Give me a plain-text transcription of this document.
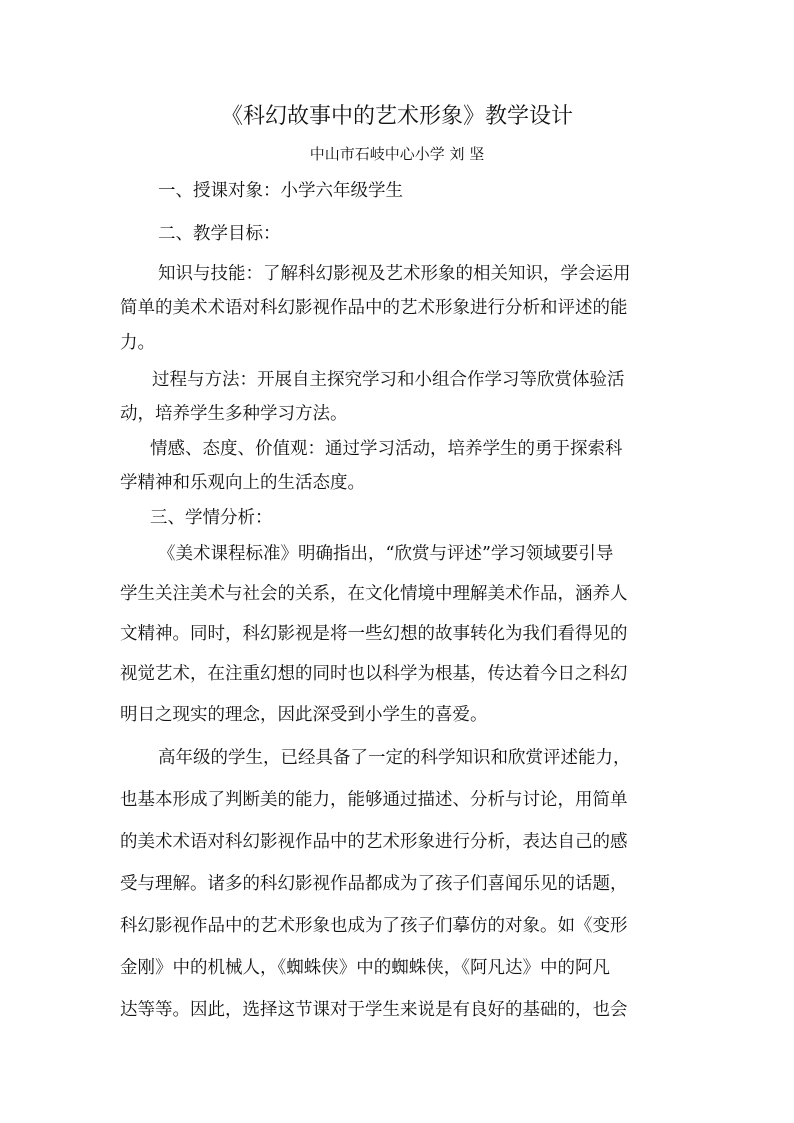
《科幻故事中的艺术形象》教学设计
中山市石岐中心小学 刘 坚
一、授课对象：小学六年级学生
二、教学目标：
知识与技能：了解科幻影视及艺术形象的相关知识，学会运用
简单的美术术语对科幻影视作品中的艺术形象进行分析和评述的能
力。
过程与方法：开展自主探究学习和小组合作学习等欣赏体验活
动，培养学生多种学习方法。
情感、态度、价值观：通过学习活动，培养学生的勇于探索科
学精神和乐观向上的生活态度。
三、学情分析：
《美术课程标准》明确指出，“欣赏与评述”学习领域要引导
学生关注美术与社会的关系，在文化情境中理解美术作品，涵养人
文精神。同时，科幻影视是将一些幻想的故事转化为我们看得见的
视觉艺术，在注重幻想的同时也以科学为根基，传达着今日之科幻
明日之现实的理念，因此深受到小学生的喜爱。
高年级的学生，已经具备了一定的科学知识和欣赏评述能力，
也基本形成了判断美的能力，能够通过描述、分析与讨论，用简单
的美术术语对科幻影视作品中的艺术形象进行分析，表达自己的感
受与理解。诸多的科幻影视作品都成为了孩子们喜闻乐见的话题，
科幻影视作品中的艺术形象也成为了孩子们摹仿的对象。如《变形
金刚》中的机械人，《蜘蛛侠》中的蜘蛛侠，《阿凡达》中的阿凡
达等等。因此，选择这节课对于学生来说是有良好的基础的，也会
